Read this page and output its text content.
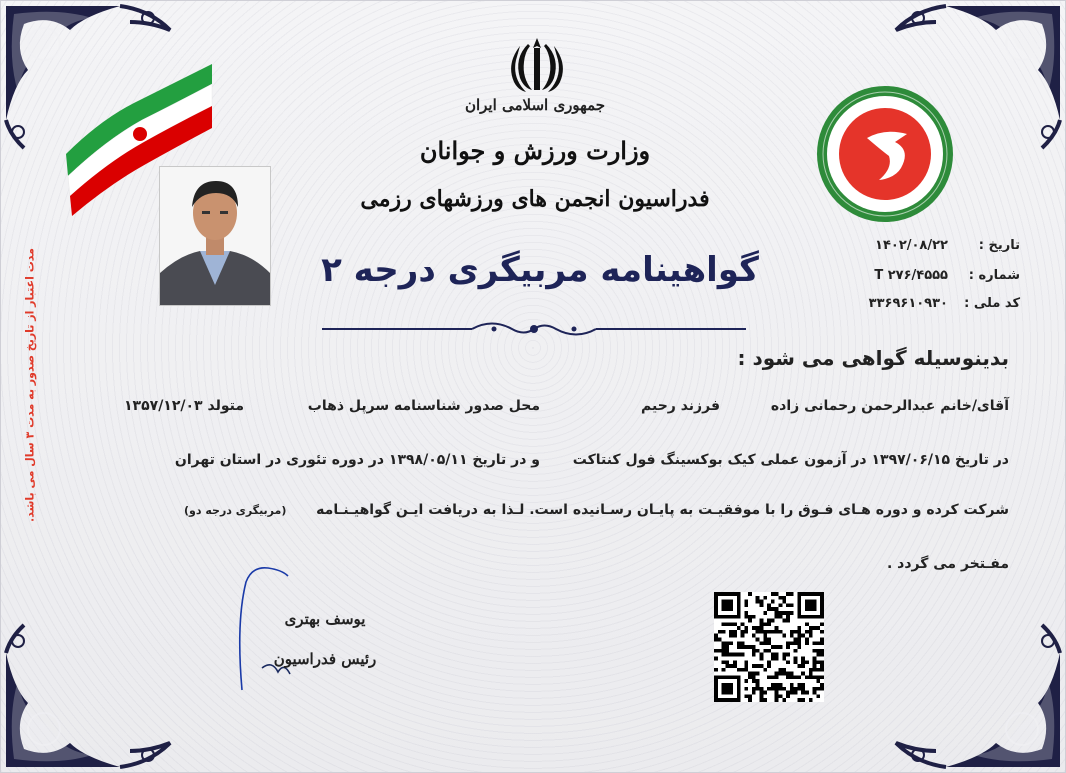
جمهوری اسلامی ایران
وزارت ورزش و جوانان
فدراسیون انجمن های ورزشهای رزمی
گواهینامه مربیگری درجه ۲
تاریخ :
۱۴۰۲/۰۸/۲۲
شماره :
T ۲۷۶/۴۵۵۵
کد ملی :
۳۳۶۹۶۱۰۹۳۰
مدت اعتبار از تاریخ صدور به مدت ۳ سال می باشد.	بدینوسیله گواهی می شود :
آقای/خانم عبدالرحمن رحمانی زاده
فرزند رحیم
محل صدور شناسنامه سرپل ذهاب
متولد ۱۳۵۷/۱۲/۰۳
در تاریخ ۱۳۹۷/۰۶/۱۵ در آزمون عملی کیک بوکسینگ فول کنتاکت
و در تاریخ ۱۳۹۸/۰۵/۱۱ در دوره تئوری در استان تهران
شرکت کرده و دوره هـای فـوق را با موفقیـت به پایـان رسـانیده است. لـذا به دریافت ایـن گواهیـنـامه
(مربیگری درجه دو)
مفـتخر می گردد .
یوسف بهتری
رئیس فدراسیون
